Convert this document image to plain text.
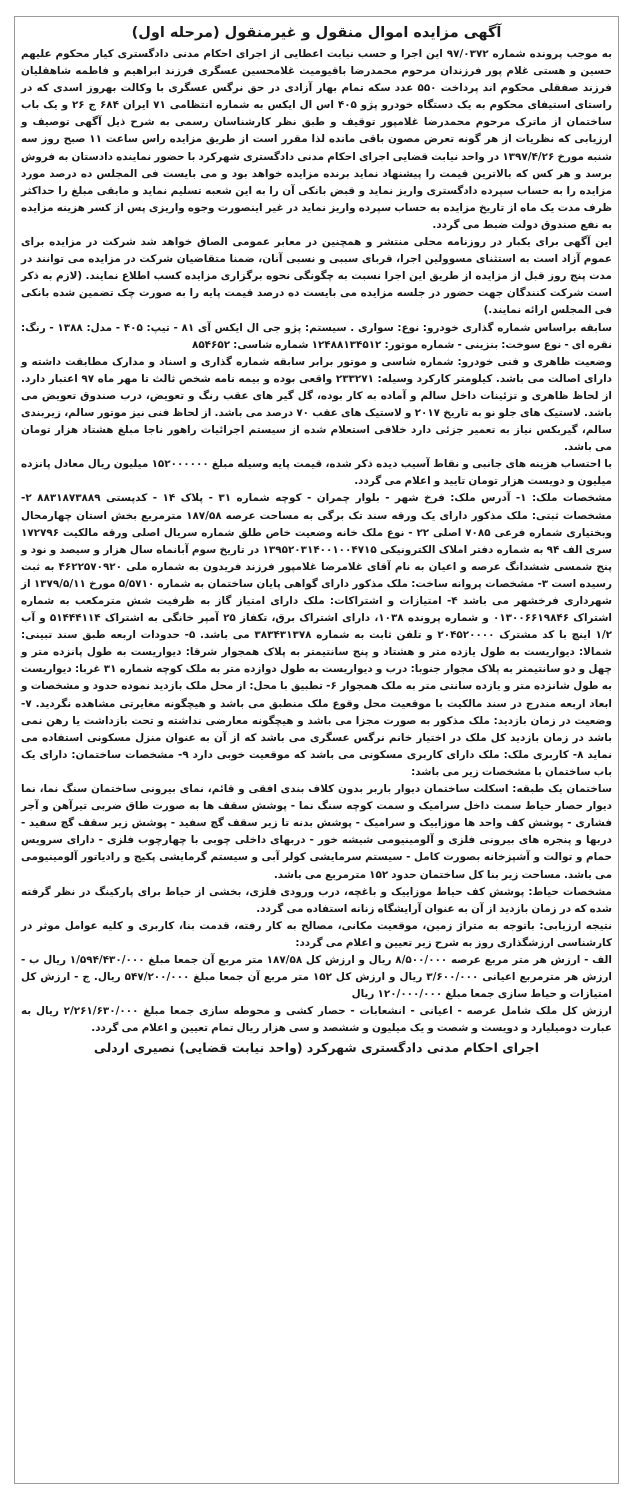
آگهی مزایده اموال منقول و غیرمنقول (مرحله اول)

به موجب پرونده شماره ۹۷/۰۳۷۲ این اجرا و حسب نیابت اعطایی از اجرای احکام مدنی دادگستری کیار محکوم علیهم حسین و هستی غلام پور فرزندان مرحوم محمدرضا باقیومیت غلامحسین عسگری فرزند ابراهیم و فاطمه شاهقلیان فرزند صفقلی محکوم اند پرداخت ۵۵۰ عدد سکه تمام بهار آزادی در حق نرگس عسگری با وکالت بهروز اسدی که در راستای استیفای محکوم به یک دستگاه خودرو پژو ۴۰۵ اس ال ایکس به شماره انتظامی ۷۱ ایران ۶۸۴ ج ۲۶ و یک باب ساختمان از ماترک مرحوم محمدرضا غلامپور توقیف و طبق نظر کارشناسان رسمی به شرح ذیل آگهی توصیف و ارزیابی که نظریات از هر گونه تعرض مصون باقی مانده لذا مقرر است از طریق مزایده راس ساعت ۱۱ صبح روز سه شنبه مورخ ۱۳۹۷/۴/۲۶ در واحد نیابت قضایی اجرای احکام مدنی دادگستری شهرکرد با حضور نماینده دادستان به فروش برسد و هر کس که بالاترین قیمت را پیشنهاد نماید برنده مزایده خواهد بود و می بایست فی المجلس ده درصد مورد مزایده را به حساب سپرده دادگستری واریز نماید و قبض بانکی آن را به این شعبه تسلیم نماید و مابقی مبلغ را حداکثر ظرف مدت یک ماه از تاریخ مزایده به حساب سپرده واریز نماید در غیر اینصورت وجوه واریزی پس از کسر هزینه مزایده به نفع صندوق دولت ضبط می گردد.

این آگهی برای یکبار در روزنامه محلی منتشر و همچنین در معابر عمومی الصاق خواهد شد شرکت در مزایده برای عموم آزاد است به استثنای مسوولین اجرا، قربای سببی و نسبی آنان، ضمنا متقاضیان شرکت در مزایده می توانند در مدت پنج روز قبل از مزایده از طریق این اجرا نسبت به چگونگی نحوه برگزاری مزایده کسب اطلاع نمایند. (لازم به ذکر است شرکت کنندگان جهت حضور در جلسه مزایده می بایست ده درصد قیمت پایه را به صورت چک تضمین شده بانکی فی المجلس ارائه نمایند.)

سابقه براساس شماره گذاری خودرو: نوع: سواری . سیستم: پژو جی ال ایکس آی ۸۱ - تیپ: ۴۰۵ - مدل: ۱۳۸۸ - رنگ: نقره ای - نوع سوخت: بنزینی - شماره موتور: ۱۲۴۸۸۱۳۴۵۱۲ شماره شاسی: ۸۵۴۶۵۲

وضعیت ظاهری و فنی خودرو: شماره شاسی و موتور برابر سابقه شماره گذاری و اسناد و مدارک مطابقت داشته و دارای اصالت می باشد. کیلومتر کارکرد وسیله: ۲۳۳۲۷۱ واقعی بوده و بیمه نامه شخص ثالث تا مهر ماه ۹۷ اعتبار دارد. از لحاظ ظاهری و تزئینات داخل سالم و آماده به کار بوده، گل گیر های عقب رنگ و تعویض، درب صندوق تعویض می باشد. لاستیک های جلو نو به تاریخ ۲۰۱۷ و لاستیک های عقب ۷۰ درصد می باشد. از لحاظ فنی نیز موتور سالم، زیربندی سالم، گیربکس نیاز به تعمیر جزئی دارد خلافی استعلام شده از سیستم اجرائیات راهور ناجا مبلغ هشتاد هزار تومان می باشد.

با احتساب هزینه های جانبی و نقاط آسیب دیده ذکر شده، قیمت پایه وسیله مبلغ ۱۵۲۰۰۰۰۰۰ میلیون ریال معادل پانزده میلیون و دویست هزار تومان تایید و اعلام می گردد.

مشخصات ملک: ۱- آدرس ملک: فرخ شهر - بلوار چمران - کوچه شماره ۳۱ - پلاک ۱۴ - کدپستی ۸۸۳۱۸۷۳۸۸۹ ۲- مشخصات ثبتی: ملک مذکور دارای یک ورقه سند تک برگی به مساحت عرصه ۱۸۷/۵۸ مترمربع بخش استان چهارمحال وبختیاری شماره فرعی ۷۰۸۵ اصلی ۲۲ - نوع ملک خانه وضعیت خاص طلق شماره سریال اصلی ورقه مالکیت ۱۷۲۷۹۶ سری الف ۹۴ به شماره دفتر املاک الکترونیکی ۱۳۹۵۲۰۳۱۴۰۰۱۰۰۴۷۱۵ در تاریخ سوم آبانماه سال هزار و سیصد و نود و پنج شمسی ششدانگ عرصه و اعیان به نام آقای غلامرضا غلامپور فرزند فریدون به شماره ملی ۴۶۲۲۵۷۰۹۲۰ به ثبت رسیده است ۳- مشخصات پروانه ساخت: ملک مذکور دارای گواهی پایان ساختمان به شماره ۵/۵۷۱۰ مورخ ۱۳۷۹/۵/۱۱ از شهرداری فرخشهر می باشد ۴- امتیازات و اشتراکات: ملک دارای امتیاز گاز به ظرفیت شش مترمکعب به شماره اشتراک ۰۱۳۰۰۶۶۱۹۸۴۶ و شماره پرونده ۱۰۳۸، دارای اشتراک برق، تکفاز ۲۵ آمپر خانگی به اشتراک ۵۱۴۴۴۱۱۴ و آب ۱/۲ اینچ با کد مشترک ۲۰۴۵۲۰۰۰۰ و تلفن ثابت به شماره ۳۸۳۴۳۱۳۷۸ می باشد. ۵- حدودات اربعه طبق سند تبینی: شمالا: دیواریست به طول یازده متر و هشتاد و پنج سانتیمتر به پلاک همجوار شرقا: دیواریست به طول پانزده متر و چهل و دو سانتیمتر به پلاک مجوار جنوبا: درب و دیواریست به طول دوازده متر به ملک کوچه شماره ۳۱ غربا: دیواریست به طول شانزده متر و یازده سانتی متر به ملک همجوار ۶- تطبیق با محل: از محل ملک بازدید نموده حدود و مشخصات و ابعاد اربعه مندرج در سند مالکیت با موقعیت محل وقوع ملک منطبق می باشد و هیچگونه مغایرتی مشاهده نگردید. ۷- وضعیت در زمان بازدید: ملک مذکور به صورت مجزا می باشد و هیچگونه معارضی نداشته و تحت بازداشت یا رهن نمی باشد در زمان بازدید کل ملک در اختیار خانم نرگس عسگری می باشد که از آن به عنوان منزل مسکونی استفاده می نماید ۸- کاربری ملک: ملک دارای کاربری مسکونی می باشد که موقعیت خوبی دارد ۹- مشخصات ساختمان: دارای یک باب ساختمان با مشخصات زیر می باشد:

ساختمان یک طبقه: اسکلت ساختمان دیوار باربر بدون کلاف بندی افقی و قائم، نمای بیرونی ساختمان سنگ نما، نما دیوار حصار حیاط سمت داخل سرامیک و سمت کوچه سنگ نما - پوشش سقف ها به صورت طاق ضربی تیرآهن و آجر فشاری - پوشش کف واحد ها موزاییک و سرامیک - پوشش بدنه تا زیر سقف گچ سفید - پوشش زیر سقف گچ سفید - دربها و پنجره های بیرونی فلزی و آلومینیومی شیشه خور - دربهای داخلی چوبی با چهارچوب فلزی - دارای سرویس حمام و توالت و آشپزخانه بصورت کامل - سیستم سرمایشی کولر آبی و سیستم گرمایشی پکیج و رادیاتور آلومینیومی می باشد. مساحت زیر بنا کل ساختمان حدود ۱۵۲ مترمربع می باشد.

مشخصات حیاط: پوشش کف حیاط موزاییک و باغچه، درب ورودی فلزی، بخشی از حیاط برای پارکینگ در نظر گرفته شده که در زمان بازدید از آن به عنوان آرایشگاه زنانه استفاده می گردد.

نتیجه ارزیابی: باتوجه به متراژ زمین، موقعیت مکانی، مصالح به کار رفته، قدمت بنا، کاربری و کلیه عوامل موثر در کارشناسی ارزشگذاری روز به شرح زیر تعیین و اعلام می گردد:

الف - ارزش هر متر مربع عرصه ۸/۵۰۰/۰۰۰ ریال و ارزش کل ۱۸۷/۵۸ متر مربع آن جمعا مبلغ ۱/۵۹۴/۴۳۰/۰۰۰ ریال ب - ارزش هر مترمربع اعیانی ۳/۶۰۰/۰۰۰ ریال و ارزش کل ۱۵۲ متر مربع آن جمعا مبلغ ۵۴۷/۲۰۰/۰۰۰ ریال. ج - ارزش کل امتیازات و حیاط سازی جمعا مبلغ ۱۲۰/۰۰۰/۰۰۰ ریال

ارزش کل ملک شامل عرصه - اعیانی - انشعابات - حصار کشی و محوطه سازی جمعا مبلغ ۲/۲۶۱/۶۳۰/۰۰۰ ریال به عبارت دومیلیارد و دویست و شصت و یک میلیون و ششصد و سی هزار ریال تمام تعیین و اعلام می گردد.

اجرای احکام مدنی دادگستری شهرکرد (واحد نیابت قضایی) نصیری اردلی
